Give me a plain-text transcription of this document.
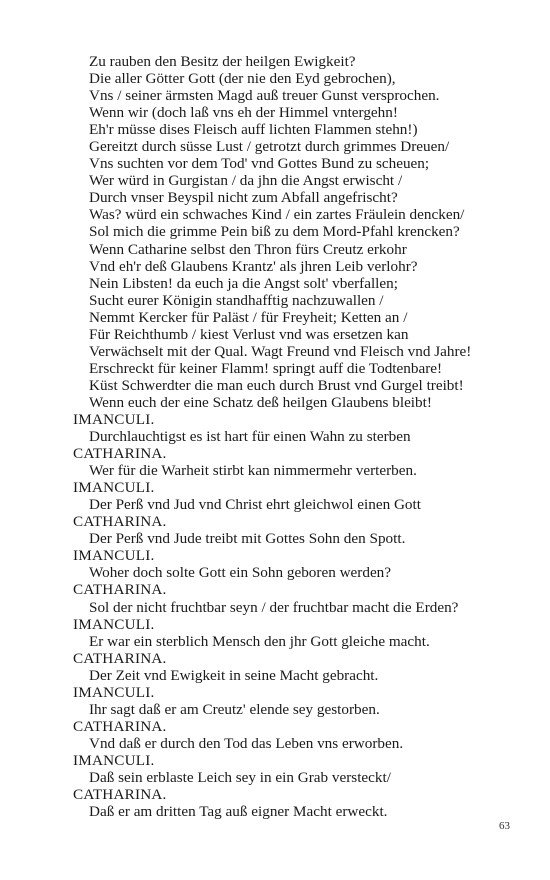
Zu rauben den Besitz der heilgen Ewigkeit?
Die aller Götter Gott (der nie den Eyd gebrochen),
Vns / seiner ärmsten Magd auß treuer Gunst versprochen.
Wenn wir (doch laß vns eh der Himmel vntergehn!
Eh'r müsse dises Fleisch auff lichten Flammen stehn!)
Gereitzt durch süsse Lust / getrotzt durch grimmes Dreuen/
Vns suchten vor dem Tod' vnd Gottes Bund zu scheuen;
Wer würd in Gurgistan / da jhn die Angst erwischt /
Durch vnser Beyspil nicht zum Abfall angefrischt?
Was? würd ein schwaches Kind / ein zartes Fräulein dencken/
Sol mich die grimme Pein biß zu dem Mord-Pfahl krencken?
Wenn Catharine selbst den Thron fürs Creutz erkohr
Vnd eh'r deß Glaubens Krantz' als jhren Leib verlohr?
Nein Libsten! da euch ja die Angst solt' vberfallen;
Sucht eurer Königin standhafftig nachzuwallen /
Nemmt Kercker für Paläst / für Freyheit; Ketten an /
Für Reichthumb / kiest Verlust vnd was ersetzen kan
Verwächselt mit der Qual. Wagt Freund vnd Fleisch vnd Jahre!
Erschreckt für keiner Flamm! springt auff die Todtenbare!
Küst Schwerdter die man euch durch Brust vnd Gurgel treibt!
Wenn euch der eine Schatz deß heilgen Glaubens bleibt!
IMANCULI.
Durchlauchtigst es ist hart für einen Wahn zu sterben
CATHARINA.
Wer für die Warheit stirbt kan nimmermehr verterben.
IMANCULI.
Der Perß vnd Jud vnd Christ ehrt gleichwol einen Gott
CATHARINA.
Der Perß vnd Jude treibt mit Gottes Sohn den Spott.
IMANCULI.
Woher doch solte Gott ein Sohn geboren werden?
CATHARINA.
Sol der nicht fruchtbar seyn / der fruchtbar macht die Erden?
IMANCULI.
Er war ein sterblich Mensch den jhr Gott gleiche macht.
CATHARINA.
Der Zeit vnd Ewigkeit in seine Macht gebracht.
IMANCULI.
Ihr sagt daß er am Creutz' elende sey gestorben.
CATHARINA.
Vnd daß er durch den Tod das Leben vns erworben.
IMANCULI.
Daß sein erblaste Leich sey in ein Grab versteckt/
CATHARINA.
Daß er am dritten Tag auß eigner Macht erweckt.
63
